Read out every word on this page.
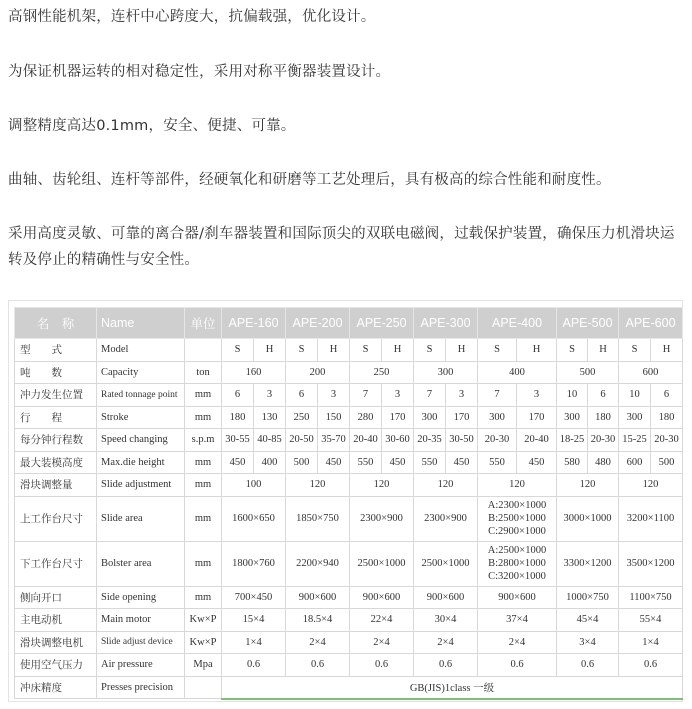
高钢性能机架，连杆中心跨度大，抗偏载强，优化设计。
为保证机器运转的相对稳定性，采用对称平衡器装置设计。
调整精度高达0.1mm，安全、便捷、可靠。
曲轴、齿轮组、连杆等部件，经硬氧化和研磨等工艺处理后，具有极高的综合性能和耐度性。
采用高度灵敏、可靠的离合器/刹车器装置和国际顶尖的双联电磁阀，过载保护装置，确保压力机滑块运转及停止的精确性与安全性。
名　称	Name	单位	APE-160		APE-200		APE-250		APE-300		APE-400		APE-500		APE-600	
型　　式	Model		S	H	S	H	S	H	S	H	S	H	S	H	S	H
吨　　数	Capacity	ton	160		200		250		300		400		500		600	
冲力发生位置	Rated tonnage point	mm	6	3	6	3	7	3	7	3	7	3	10	6	10	6
行　　程	Stroke	mm	180	130	250	150	280	170	300	170	300	170	300	180	300	180
每分钟行程数	Speed changing	s.p.m	30-55	40-85	20-50	35-70	20-40	30-60	20-35	30-50	20-30	20-40	18-25	20-30	15-25	20-30
最大装模高度	Max.die height	mm	450	400	500	450	550	450	550	450	550	450	580	480	600	500
滑块调整量	Slide adjustment	mm	100		120		120		120		120		120		120	
上工作台尺寸	Slide area	mm	1600×650		1850×750		2300×900		2300×900		A:2300×1000
B:2500×1000
C:2900×1000		3000×1000		3200×1100	
下工作台尺寸	Bolster area	mm	1800×760		2200×940		2500×1000		2500×1000		A:2500×1000
B:2800×1000
C:3200×1000		3300×1200		3500×1200	
侧向开口	Side opening	mm	700×450		900×600		900×600		900×600		900×600		1000×750		1100×750	
主电动机	Main motor	Kw×P	15×4		18.5×4		22×4		30×4		37×4		45×4		55×4	
滑块调整电机	Slide adjust device	Kw×P	1×4		2×4		2×4		2×4		2×4		3×4		1×4	
使用空气压力	Air pressure	Mpa	0.6		0.6		0.6		0.6		0.6		0.6		0.6	
冲床精度	Presses precision		GB(JIS)1class 一级													
